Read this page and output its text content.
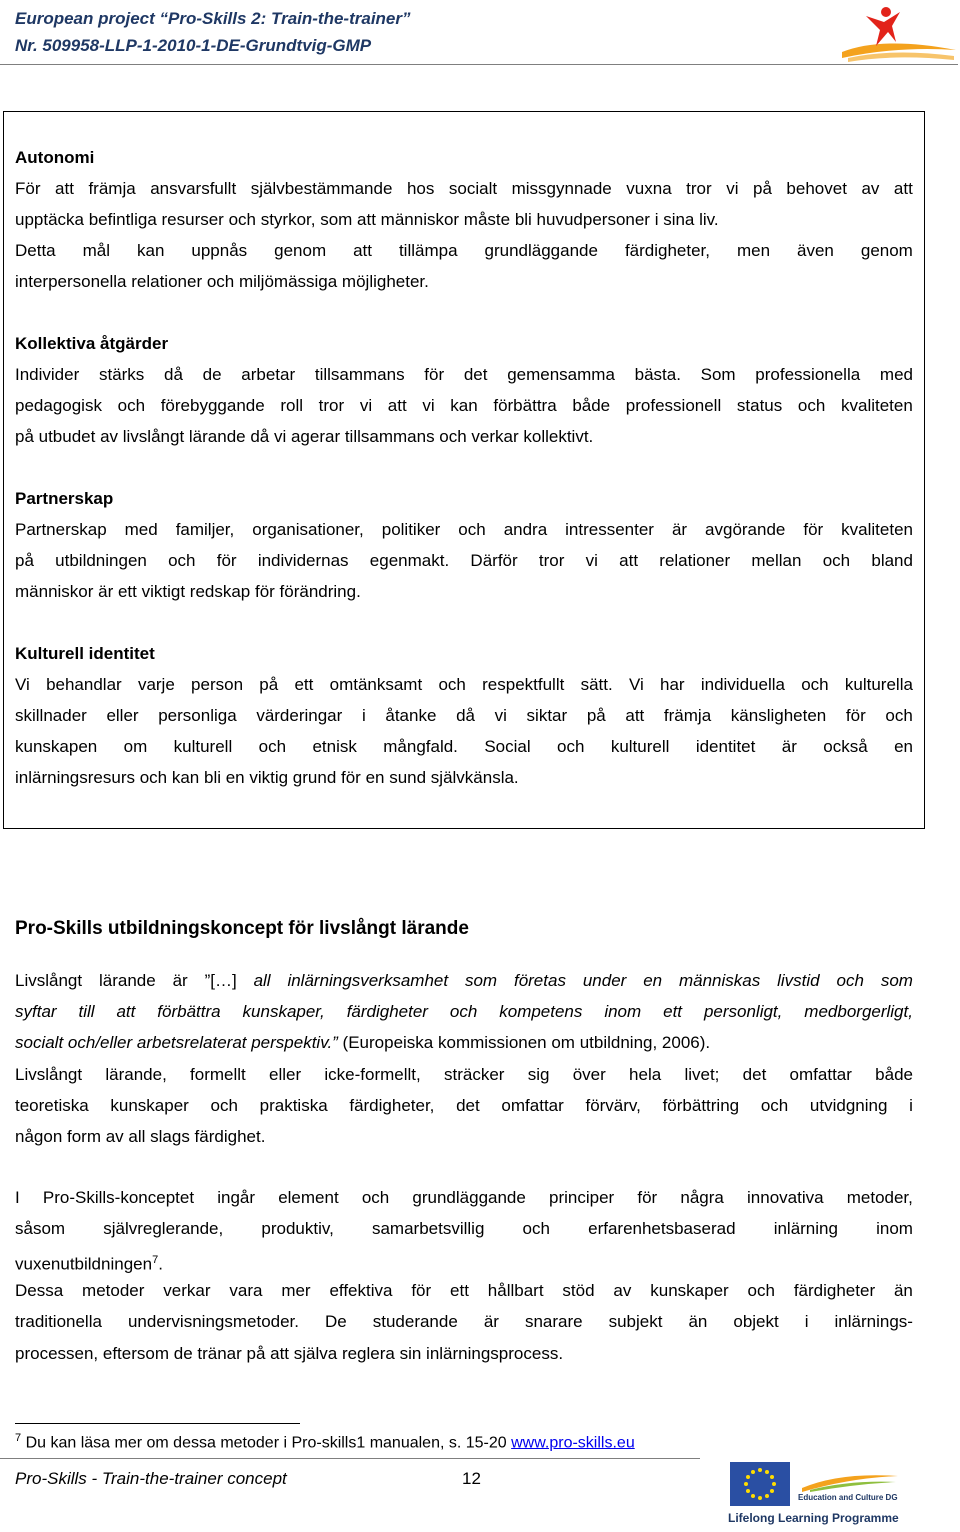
European project “Pro-Skills 2: Train-the-trainer”
Nr. 509958-LLP-1-2010-1-DE-Grundtvig-GMP
Autonomi
För att främja ansvarsfullt självbestämmande hos socialt missgynnade vuxna tror vi på behovet av att
upptäcka befintliga resurser och styrkor, som att människor måste bli huvudpersoner i sina liv.
Detta mål kan uppnås genom att tillämpa grundläggande färdigheter, men även genom
interpersonella relationer och miljömässiga möjligheter.
Kollektiva åtgärder
Individer stärks då de arbetar tillsammans för det gemensamma bästa. Som professionella med
pedagogisk och förebyggande roll tror vi att vi kan förbättra både professionell status och kvaliteten
på utbudet av livslångt lärande då vi agerar tillsammans och verkar kollektivt.
Partnerskap
Partnerskap med familjer, organisationer, politiker och andra intressenter är avgörande för kvaliteten
på utbildningen och för individernas egenmakt. Därför tror vi att relationer mellan och bland
människor är ett viktigt redskap för förändring.
Kulturell identitet
Vi behandlar varje person på ett omtänksamt och respektfullt sätt. Vi har individuella och kulturella
skillnader eller personliga värderingar i åtanke då vi siktar på att främja känsligheten för och
kunskapen om kulturell och etnisk mångfald. Social och kulturell identitet är också en
inlärningsresurs och kan bli en viktig grund för en sund självkänsla.
Pro-Skills utbildningskoncept för livslångt lärande
Livslångt lärande är ”[…] all inlärningsverksamhet som företas under en människas livstid och som
syftar till att förbättra kunskaper, färdigheter och kompetens inom ett personligt, medborgerligt,
socialt och/eller arbetsrelaterat perspektiv.” (Europeiska kommissionen om utbildning, 2006).
Livslångt lärande, formellt eller icke-formellt, sträcker sig över hela livet; det omfattar både
teoretiska kunskaper och praktiska färdigheter, det omfattar förvärv, förbättring och utvidgning i
någon form av all slags färdighet.
I Pro-Skills-konceptet ingår element och grundläggande principer för några innovativa metoder,
såsom självreglerande, produktiv, samarbetsvillig och erfarenhetsbaserad inlärning inom
vuxenutbildningen$^7$.
Dessa metoder verkar vara mer effektiva för ett hållbart stöd av kunskaper och färdigheter än
traditionella undervisningsmetoder. De studerande är snarare subjekt än objekt i inlärnings-
processen, eftersom de tränar på att själva reglera sin inlärningsprocess.
$^7$ Du kan läsa mer om dessa metoder i Pro-skills1 manualen, s. 15-20 www.pro-skills.eu
Pro-Skills - Train-the-trainer concept	12
Education and Culture DG
Lifelong Learning Programme
